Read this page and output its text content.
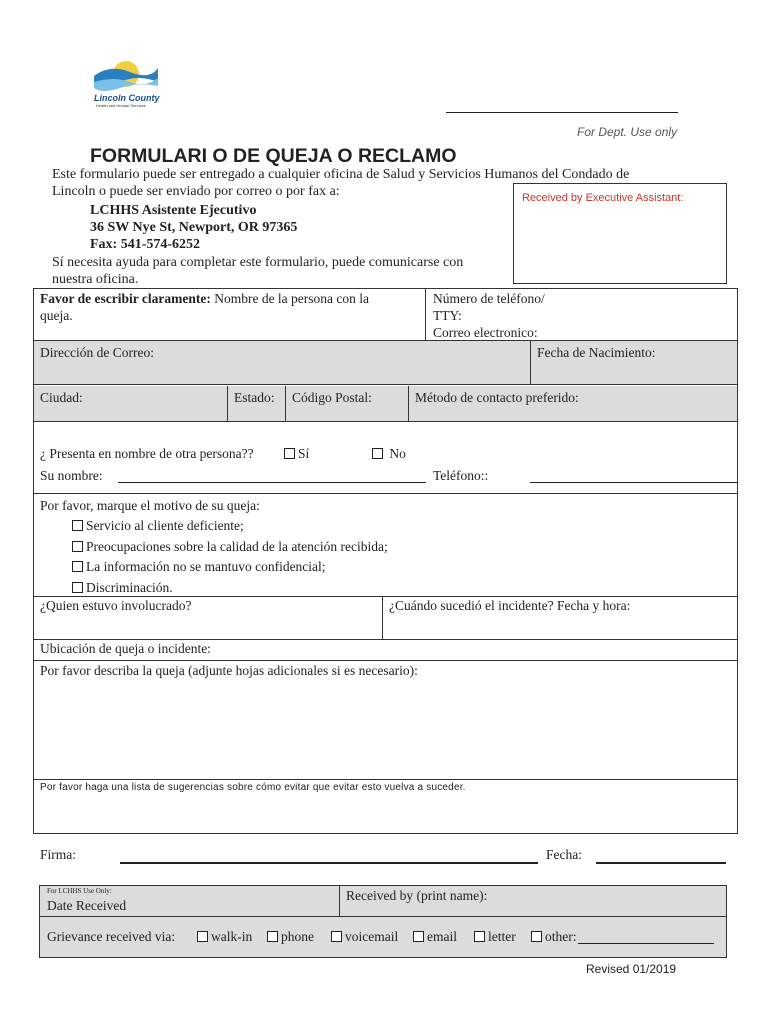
Lincoln County
Health and Human Services
For Dept. Use only
FORMULARI O DE QUEJA O RECLAMO
Este formulario puede ser entregado a cualquier oficina de Salud y Servicios Humanos del Condado de
Lincoln o puede ser enviado por correo o por fax a:
LCHHS Asistente Ejecutivo
36 SW Nye St, Newport, OR 97365
Fax: 541-574-6252
Sí necesita ayuda para completar este formulario, puede comunicarse con
nuestra oficina.
Received by Executive Assistant:
Favor de escribir claramente: Nombre de la persona con la
queja.
Número de teléfono/
TTY:
Correo electronico:
Dirección de Correo:	Fecha de Nacimiento:
Ciudad:	Estado: Código Postal:	Método de contacto preferido:
¿ Presenta en nombre de otra persona??	Sí	No
Su nombre:	Teléfono::
Por favor, marque el motivo de su queja:
Servicio al cliente deficiente;
Preocupaciones sobre la calidad de la atención recibida;
La información no se mantuvo confidencial;
Discriminación.
¿Quien estuvo involucrado?	¿Cuándo sucedió el incidente? Fecha y hora:
Ubicación de queja o incidente:
Por favor describa la queja (adjunte hojas adicionales si es necesario):
Por favor haga una lista de sugerencias sobre cómo evitar que evitar esto vuelva a suceder.
Firma:	Fecha:
For LCHHS Use Only:
Date Received
Received by (print name):
Grievance received via:	walk-in	phone	voicemail	email	letter	other:
Revised 01/2019
